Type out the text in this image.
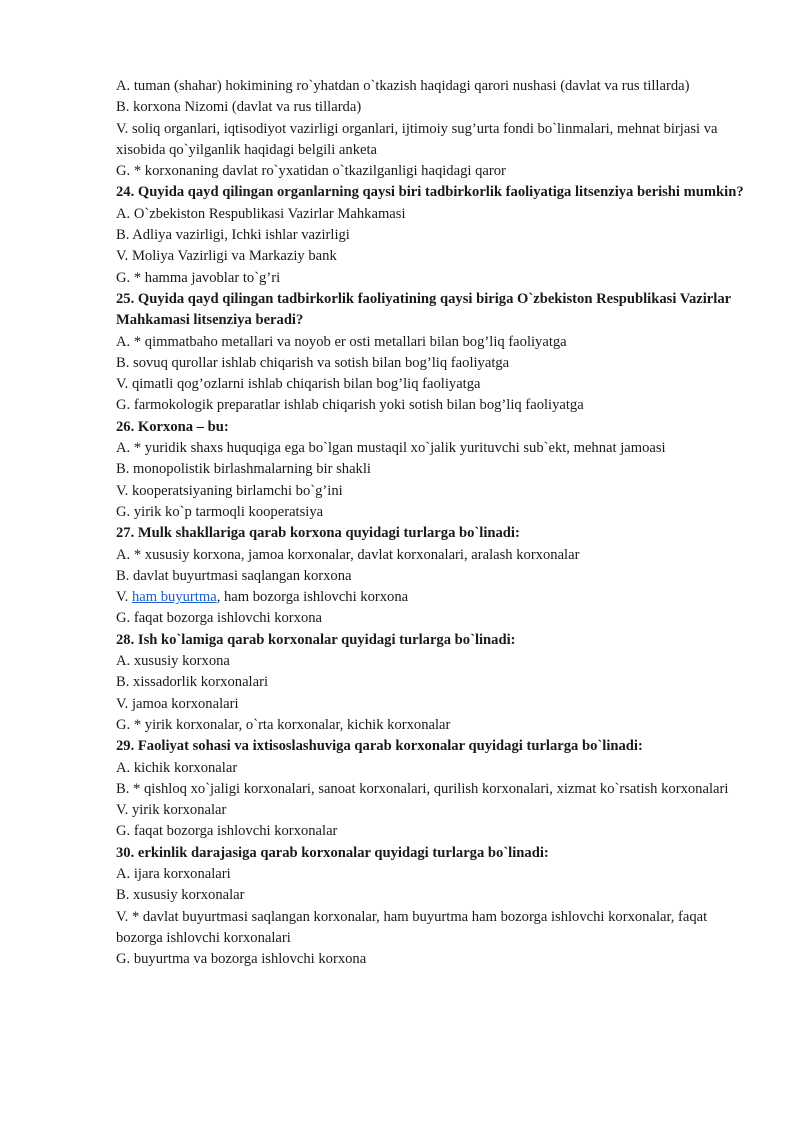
A. tuman (shahar) hokimining ro`yhatdan o`tkazish haqidagi qarori nushasi (davlat va rus tillarda)

B. korxona Nizomi (davlat va rus tillarda)

V. soliq organlari, iqtisodiyot vazirligi organlari, ijtimoiy sug’urta fondi bo`linmalari, mehnat birjasi va xisobida qo`yilganlik haqidagi belgili anketa

G. * korxonaning davlat ro`yxatidan o`tkazilganligi haqidagi qaror

24. Quyida qayd qilingan organlarning qaysi biri tadbirkorlik faoliyatiga litsenziya berishi mumkin?

A. O`zbekiston Respublikasi Vazirlar Mahkamasi

B. Adliya vazirligi, Ichki ishlar vazirligi

V. Moliya Vazirligi va Markaziy bank

G. * hamma javoblar to`g’ri

25. Quyida qayd qilingan tadbirkorlik faoliyatining qaysi biriga O`zbekiston Respublikasi Vazirlar Mahkamasi litsenziya beradi?

A. * qimmatbaho metallari va noyob er osti metallari bilan bog’liq faoliyatga

B. sovuq qurollar ishlab chiqarish va sotish bilan bog’liq faoliyatga

V. qimatli qog’ozlarni ishlab chiqarish bilan bog’liq faoliyatga

G. farmokologik preparatlar ishlab chiqarish yoki sotish bilan bog’liq faoliyatga

26. Korxona – bu:

A. * yuridik shaxs huquqiga ega bo`lgan mustaqil xo`jalik yurituvchi sub`ekt, mehnat jamoasi

B. monopolistik birlashmalarning bir shakli

V. kooperatsiyaning birlamchi bo`g’ini

G. yirik ko`p tarmoqli kooperatsiya

27. Mulk shakllariga qarab korxona quyidagi turlarga bo`linadi:

A. * xususiy korxona, jamoa korxonalar, davlat korxonalari, aralash korxonalar

B. davlat buyurtmasi saqlangan korxona

V. ham buyurtma, ham bozorga ishlovchi korxona

G. faqat bozorga ishlovchi korxona

28. Ish ko`lamiga qarab korxonalar quyidagi turlarga bo`linadi:

A. xususiy korxona

B. xissadorlik korxonalari

V. jamoa korxonalari

G. * yirik korxonalar, o`rta korxonalar, kichik korxonalar

29. Faoliyat sohasi va ixtisoslashuviga qarab korxonalar quyidagi turlarga bo`linadi:

A. kichik korxonalar

B. * qishloq xo`jaligi korxonalari, sanoat korxonalari, qurilish korxonalari, xizmat ko`rsatish korxonalari

V. yirik korxonalar

G. faqat bozorga ishlovchi korxonalar

30. erkinlik darajasiga qarab korxonalar quyidagi turlarga bo`linadi:

A. ijara korxonalari

B. xususiy korxonalar

V. * davlat buyurtmasi saqlangan korxonalar, ham buyurtma ham bozorga ishlovchi korxonalar, faqat bozorga ishlovchi korxonalari

G. buyurtma va bozorga ishlovchi korxona
